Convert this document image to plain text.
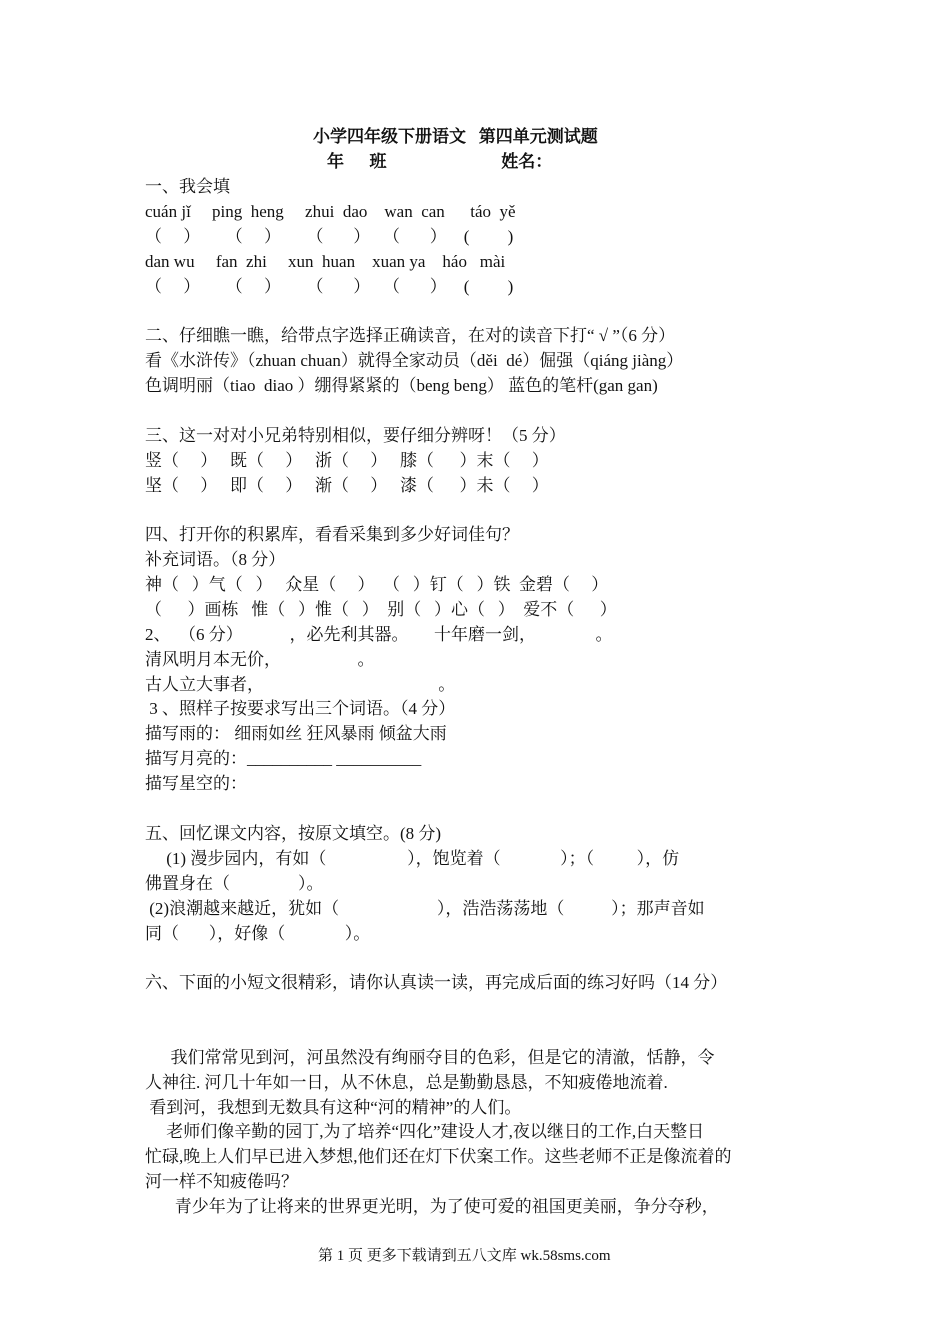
小学四年级下册语文   第四单元测试题
年      班                           姓名：
一、我会填
cuán jǐ     ping  heng     zhui  dao    wan  can      táo  yě
（     ）      （     ）      （       ）   （       ）    (         )
dan wu     fan  zhi     xun  huan    xuan ya    háo   mài
（     ）      （     ）      （       ）   （       ）    (         )
二、仔细瞧一瞧，给带点字选择正确读音，在对的读音下打“ √ ”（6 分）
看《水浒传》（zhuan chuan）就得全家动员（děi  dé）倔强（qiáng jiàng）
色调明丽（tiao  diao ）绷得紧紧的（beng beng） 蓝色的笔杆(gan gan)
三、这一对对小兄弟特别相似，要仔细分辨呀！（5 分）
竖（     ）   既（     ）   浙（     ）   膝（      ）末（     ）
坚（     ）   即（     ）   渐（     ）   漆（      ）未（     ）
四、打开你的积累库，看看采集到多少好词佳句？
补充词语。（8 分）
神（   ）气（   ）   众星（     ）  （   ）钉（   ）铁  金碧（     ）
（      ）画栋   惟（   ）惟（   ）  别（   ）心（   ）  爱不（      ）
2、  （6 分）           ，必先利其器。      十年磨一剑，              。
清风明月本无价，                  。
古人立大事者，                                         。
3 、照样子按要求写出三个词语。（4 分）
描写雨的： 细雨如丝 狂风暴雨 倾盆大雨
描写月亮的：__________ __________
描写星空的：
五、回忆课文内容，按原文填空。(8 分)
(1) 漫步园内，有如（                   ），饱览着（              ）；（          ），仿
佛置身在（                ）。
(2)浪潮越来越近，犹如（                       ），浩浩荡荡地（           ）；那声音如
同（       ），好像（              ）。
六、下面的小短文很精彩，请你认真读一读，再完成后面的练习好吗（14 分）
我们常常见到河，河虽然没有绚丽夺目的色彩，但是它的清澈，恬静，令
人神往. 河几十年如一日，从不休息，总是勤勤恳恳，不知疲倦地流着.
看到河，我想到无数具有这种“河的精神”的人们。
老师们像辛勤的园丁,为了培养“四化”建设人才,夜以继日的工作,白天整日
忙碌,晚上人们早已进入梦想,他们还在灯下伏案工作。这些老师不正是像流着的
河一样不知疲倦吗？
青少年为了让将来的世界更光明，为了使可爱的祖国更美丽，争分夺秒，
第 1 页 更多下载请到五八文库 wk.58sms.com
